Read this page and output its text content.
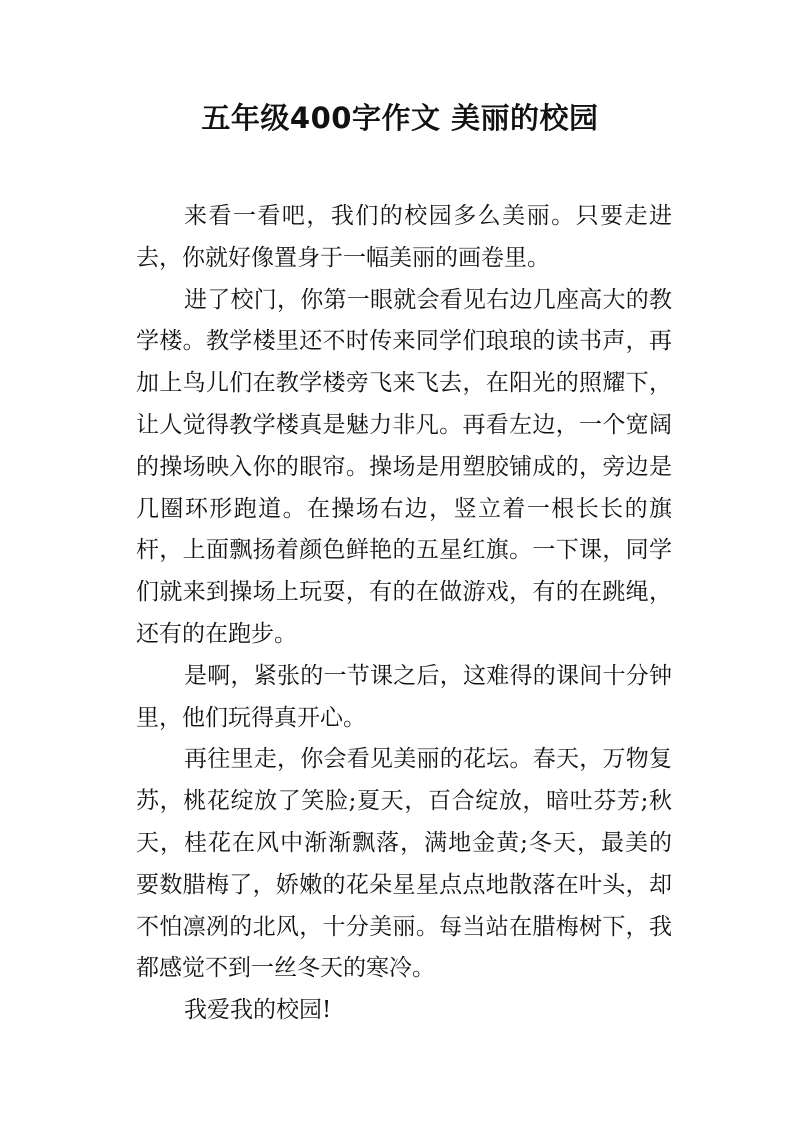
五年级400字作文 美丽的校园

来看一看吧，我们的校园多么美丽。只要走进去，你就好像置身于一幅美丽的画卷里。

进了校门，你第一眼就会看见右边几座高大的教学楼。教学楼里还不时传来同学们琅琅的读书声，再加上鸟儿们在教学楼旁飞来飞去，在阳光的照耀下，让人觉得教学楼真是魅力非凡。再看左边，一个宽阔的操场映入你的眼帘。操场是用塑胶铺成的，旁边是几圈环形跑道。在操场右边，竖立着一根长长的旗杆，上面飘扬着颜色鲜艳的五星红旗。一下课，同学们就来到操场上玩耍，有的在做游戏，有的在跳绳，还有的在跑步。

是啊，紧张的一节课之后，这难得的课间十分钟里，他们玩得真开心。

再往里走，你会看见美丽的花坛。春天，万物复苏，桃花绽放了笑脸;夏天，百合绽放，暗吐芬芳;秋天，桂花在风中渐渐飘落，满地金黄;冬天，最美的要数腊梅了，娇嫩的花朵星星点点地散落在叶头，却不怕凛冽的北风，十分美丽。每当站在腊梅树下，我都感觉不到一丝冬天的寒冷。

我爱我的校园!
